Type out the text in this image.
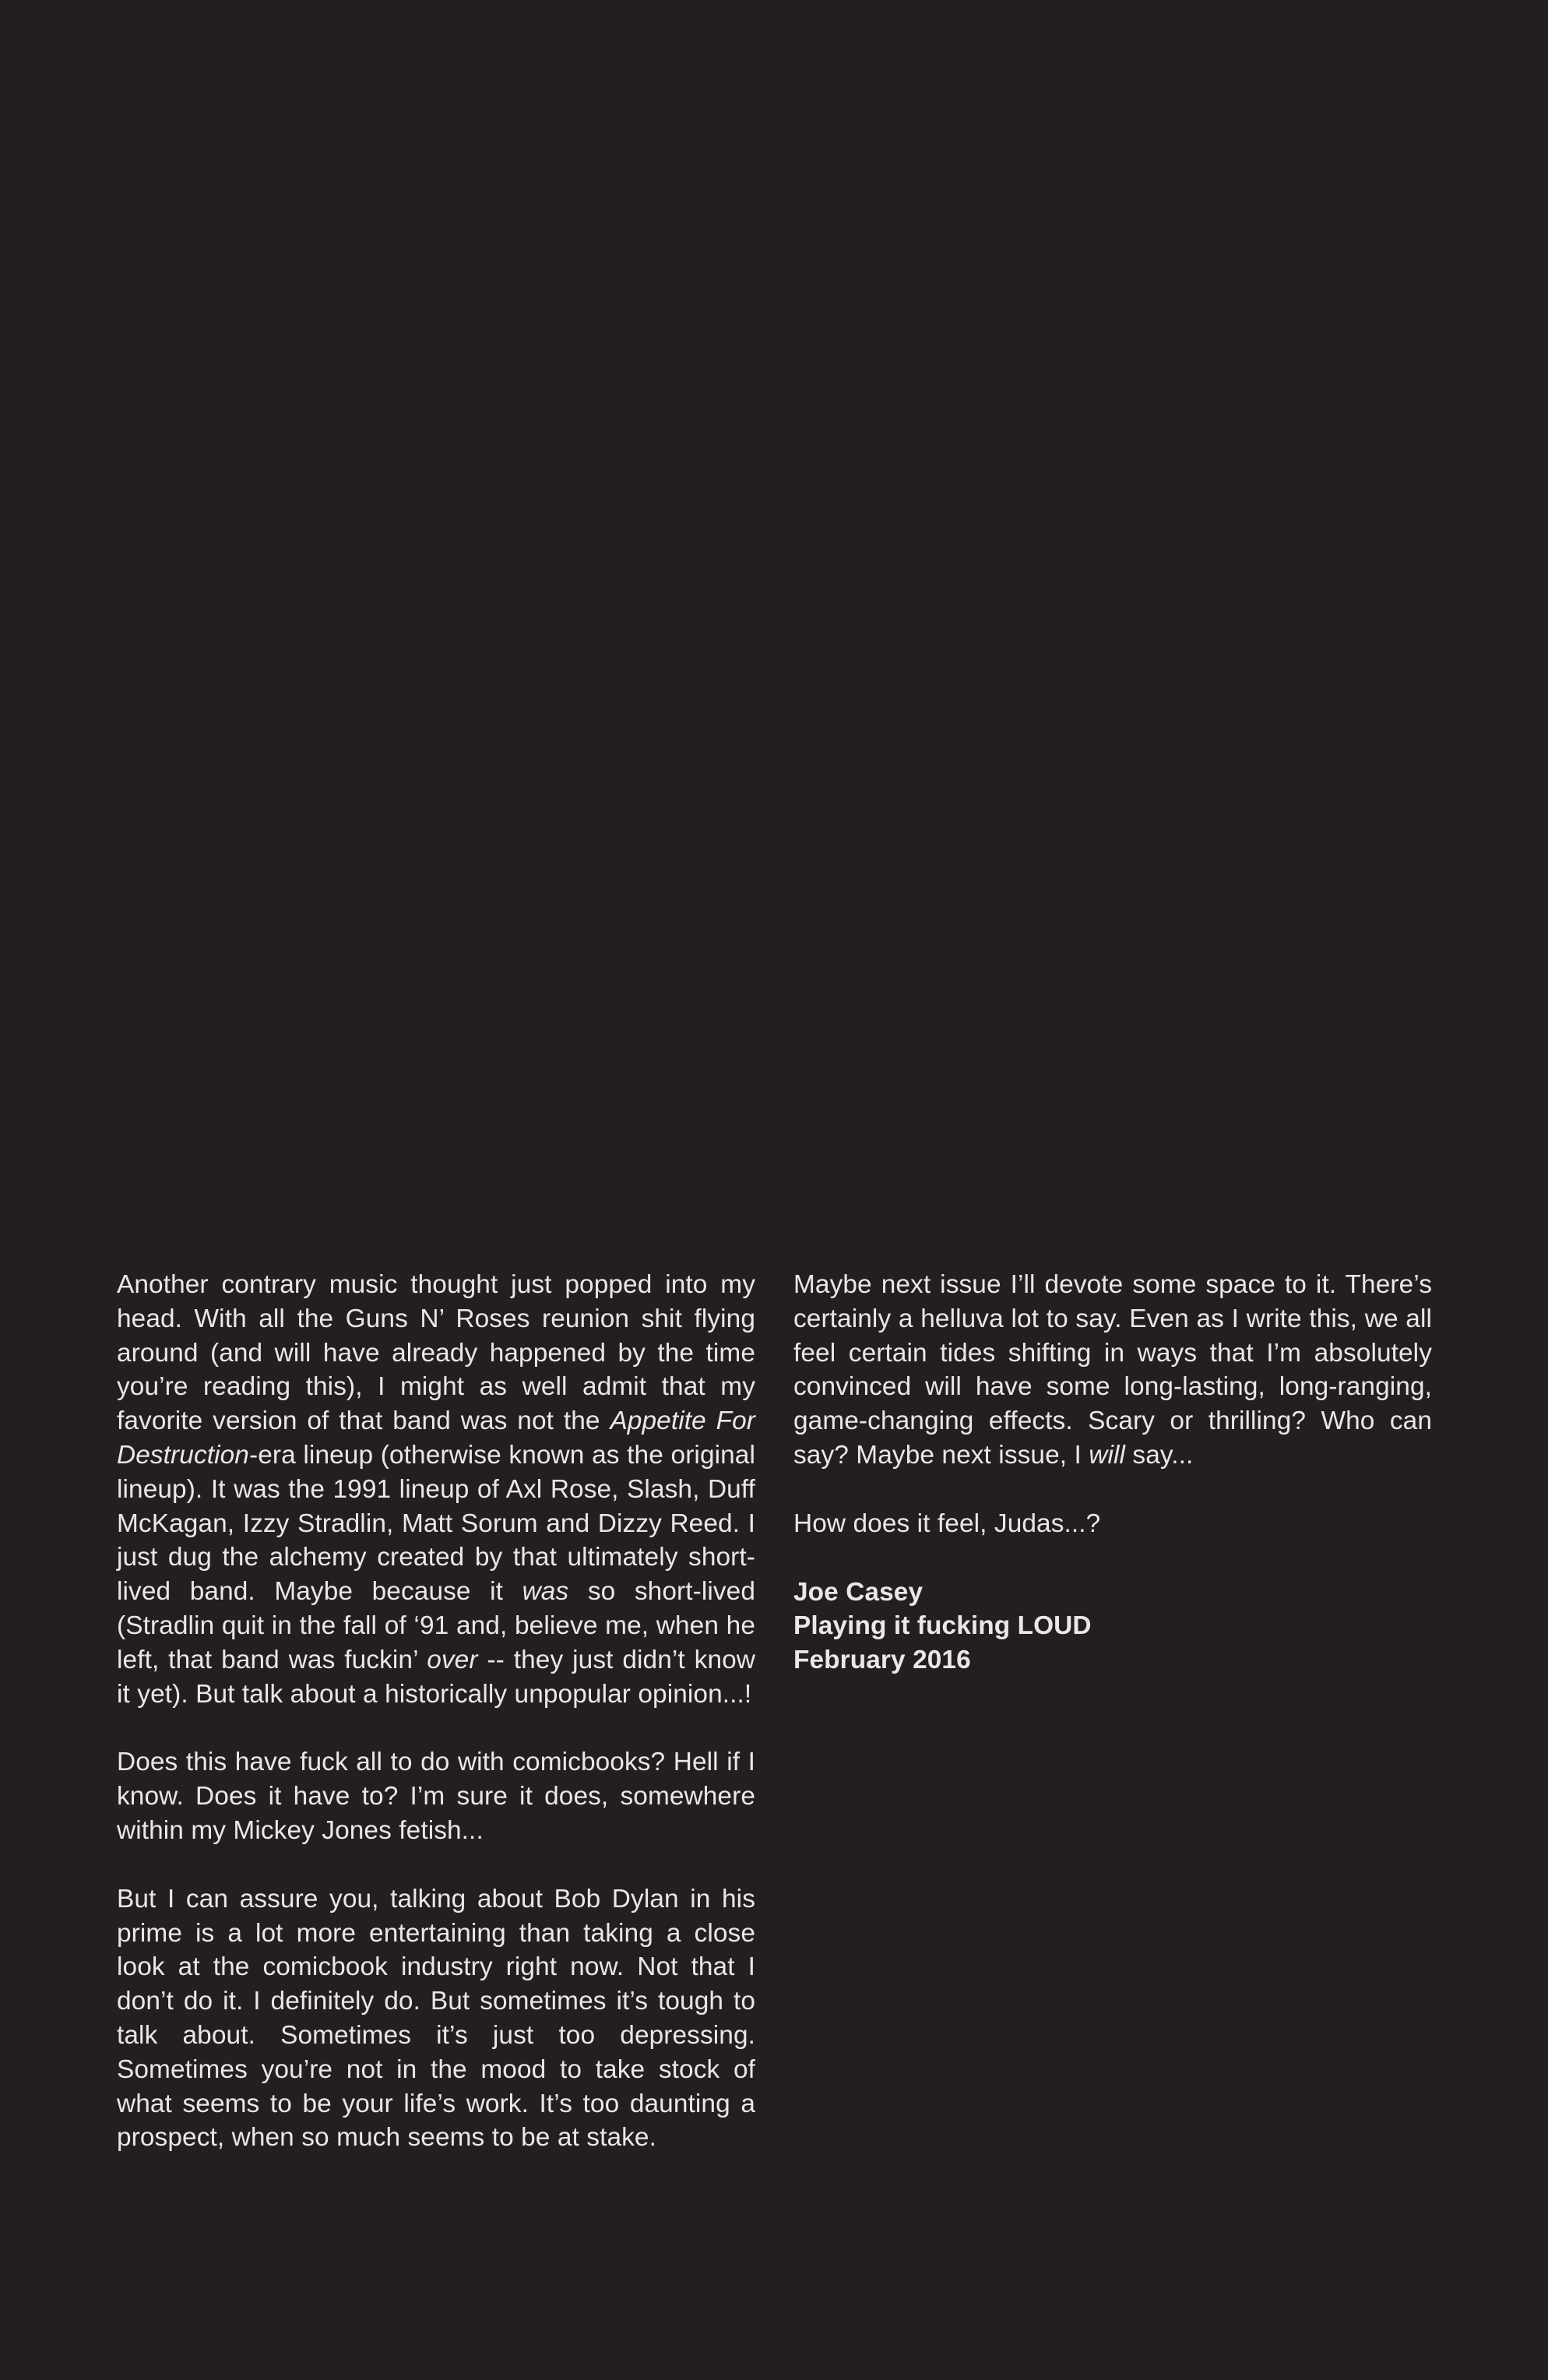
Another contrary music thought just popped into my head. With all the Guns N’ Roses reunion shit flying around (and will have already happened by the time you’re reading this), I might as well admit that my favorite version of that band was not the Appetite For Destruction-era lineup (otherwise known as the original lineup). It was the 1991 lineup of Axl Rose, Slash, Duff McKagan, Izzy Stradlin, Matt Sorum and Dizzy Reed. I just dug the alchemy created by that ultimately short-lived band. Maybe because it was so short-lived (Stradlin quit in the fall of ‘91 and, believe me, when he left, that band was fuckin’ over -- they just didn’t know it yet). But talk about a historically unpopular opinion...!

Does this have fuck all to do with comicbooks? Hell if I know. Does it have to? I’m sure it does, somewhere within my Mickey Jones fetish...

But I can assure you, talking about Bob Dylan in his prime is a lot more entertaining than taking a close look at the comicbook industry right now. Not that I don’t do it. I definitely do. But sometimes it’s tough to talk about. Sometimes it’s just too depressing. Sometimes you’re not in the mood to take stock of what seems to be your life’s work. It’s too daunting a prospect, when so much seems to be at stake.

Maybe next issue I’ll devote some space to it. There’s certainly a helluva lot to say. Even as I write this, we all feel certain tides shifting in ways that I’m absolutely convinced will have some long-lasting, long-ranging, game-changing effects. Scary or thrilling? Who can say? Maybe next issue, I will say...

How does it feel, Judas...?

Joe Casey
Playing it fucking LOUD
February 2016
